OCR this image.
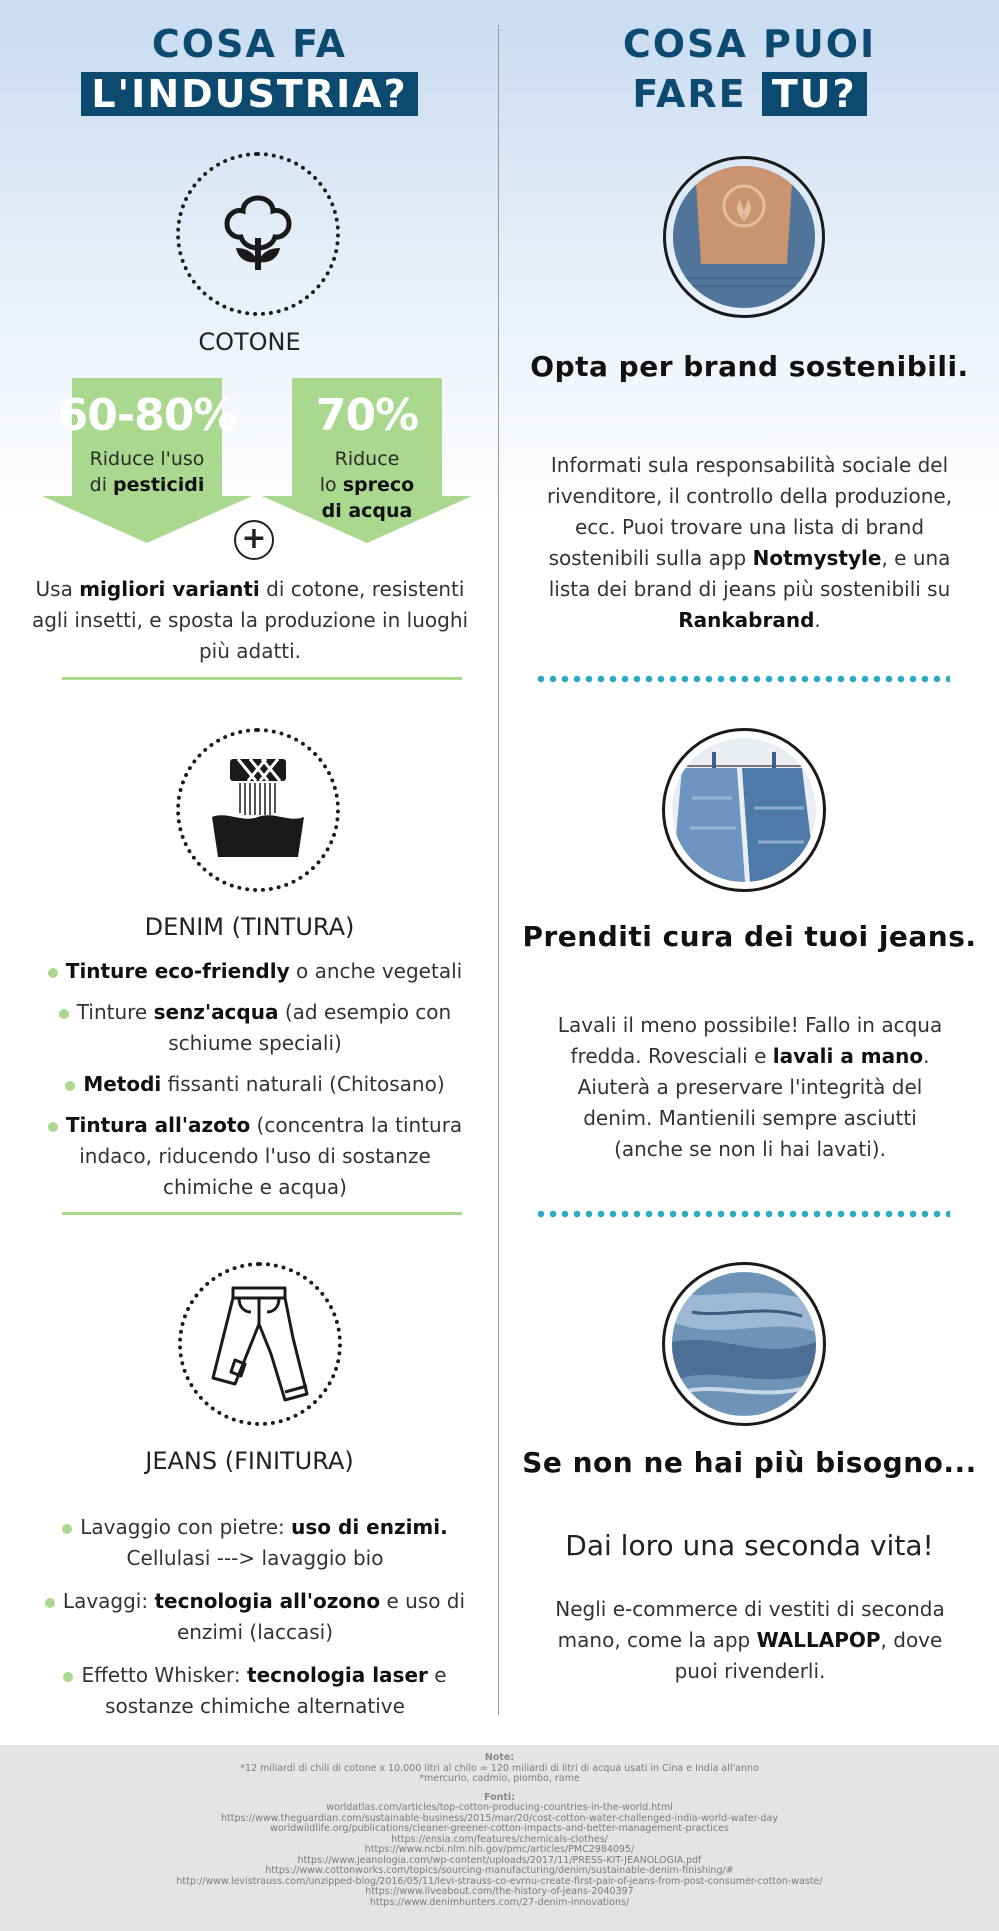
COSA FA
L'INDUSTRIA?
COTONE
60-80%
Riduce l'uso
di pesticidi
70%
Riduce
lo spreco
di acqua
+
Usa migliori varianti di cotone, resistenti agli insetti, e sposta la produzione in luoghi più adatti.
DENIM (TINTURA)
Tinture eco-friendly o anche vegetali
Tinture senz'acqua (ad esempio con schiume speciali)
Metodi fissanti naturali (Chitosano)
Tintura all'azoto (concentra la tintura indaco, riducendo l'uso di sostanze chimiche e acqua)
JEANS (FINITURA)
Lavaggio con pietre: uso di enzimi. Cellulasi ---> lavaggio bio
Lavaggi: tecnologia all'ozono e uso di enzimi (laccasi)
Effetto Whisker: tecnologia laser e sostanze chimiche alternative
COSA PUOI
FARE TU?
Opta per brand sostenibili.
Informati sula responsabilità sociale del rivenditore, il controllo della produzione, ecc. Puoi trovare una lista di brand sostenibili sulla app Notmystyle, e una lista dei brand di jeans più sostenibili su Rankabrand.
Prenditi cura dei tuoi jeans.
Lavali il meno possibile! Fallo in acqua fredda. Rovesciali e lavali a mano. Aiuterà a preservare l'integrità del denim. Mantienili sempre asciutti (anche se non li hai lavati).
Se non ne hai più bisogno...
Dai loro una seconda vita!
Negli e-commerce di vestiti di seconda mano, come la app WALLAPOP, dove puoi rivenderli.
Note:
*12 miliardi di chili di cotone x 10.000 litri al chilo = 120 miliardi di litri di acqua usati in Cina e India all'anno
*mercurio, cadmio, piombo, rame
Fonti:
worldatlas.com/articles/top-cotton-producing-countries-in-the-world.html
https://www.theguardian.com/sustainable-business/2015/mar/20/cost-cotton-water-challenged-india-world-water-day
worldwildlife.org/publications/cleaner-greener-cotton-impacts-and-better-management-practices
https://ensia.com/features/chemicals-clothes/
https://www.ncbi.nlm.nih.gov/pmc/articles/PMC2984095/
https://www.jeanologia.com/wp-content/uploads/2017/11/PRESS-KIT-JEANOLOGIA.pdf
https://www.cottonworks.com/topics/sourcing-manufacturing/denim/sustainable-denim-finishing/#
http://www.levistrauss.com/unzipped-blog/2016/05/11/levi-strauss-co-evrnu-create-first-pair-of-jeans-from-post-consumer-cotton-waste/
https://www.liveabout.com/the-history-of-jeans-2040397
https://www.denimhunters.com/27-denim-innovations/
